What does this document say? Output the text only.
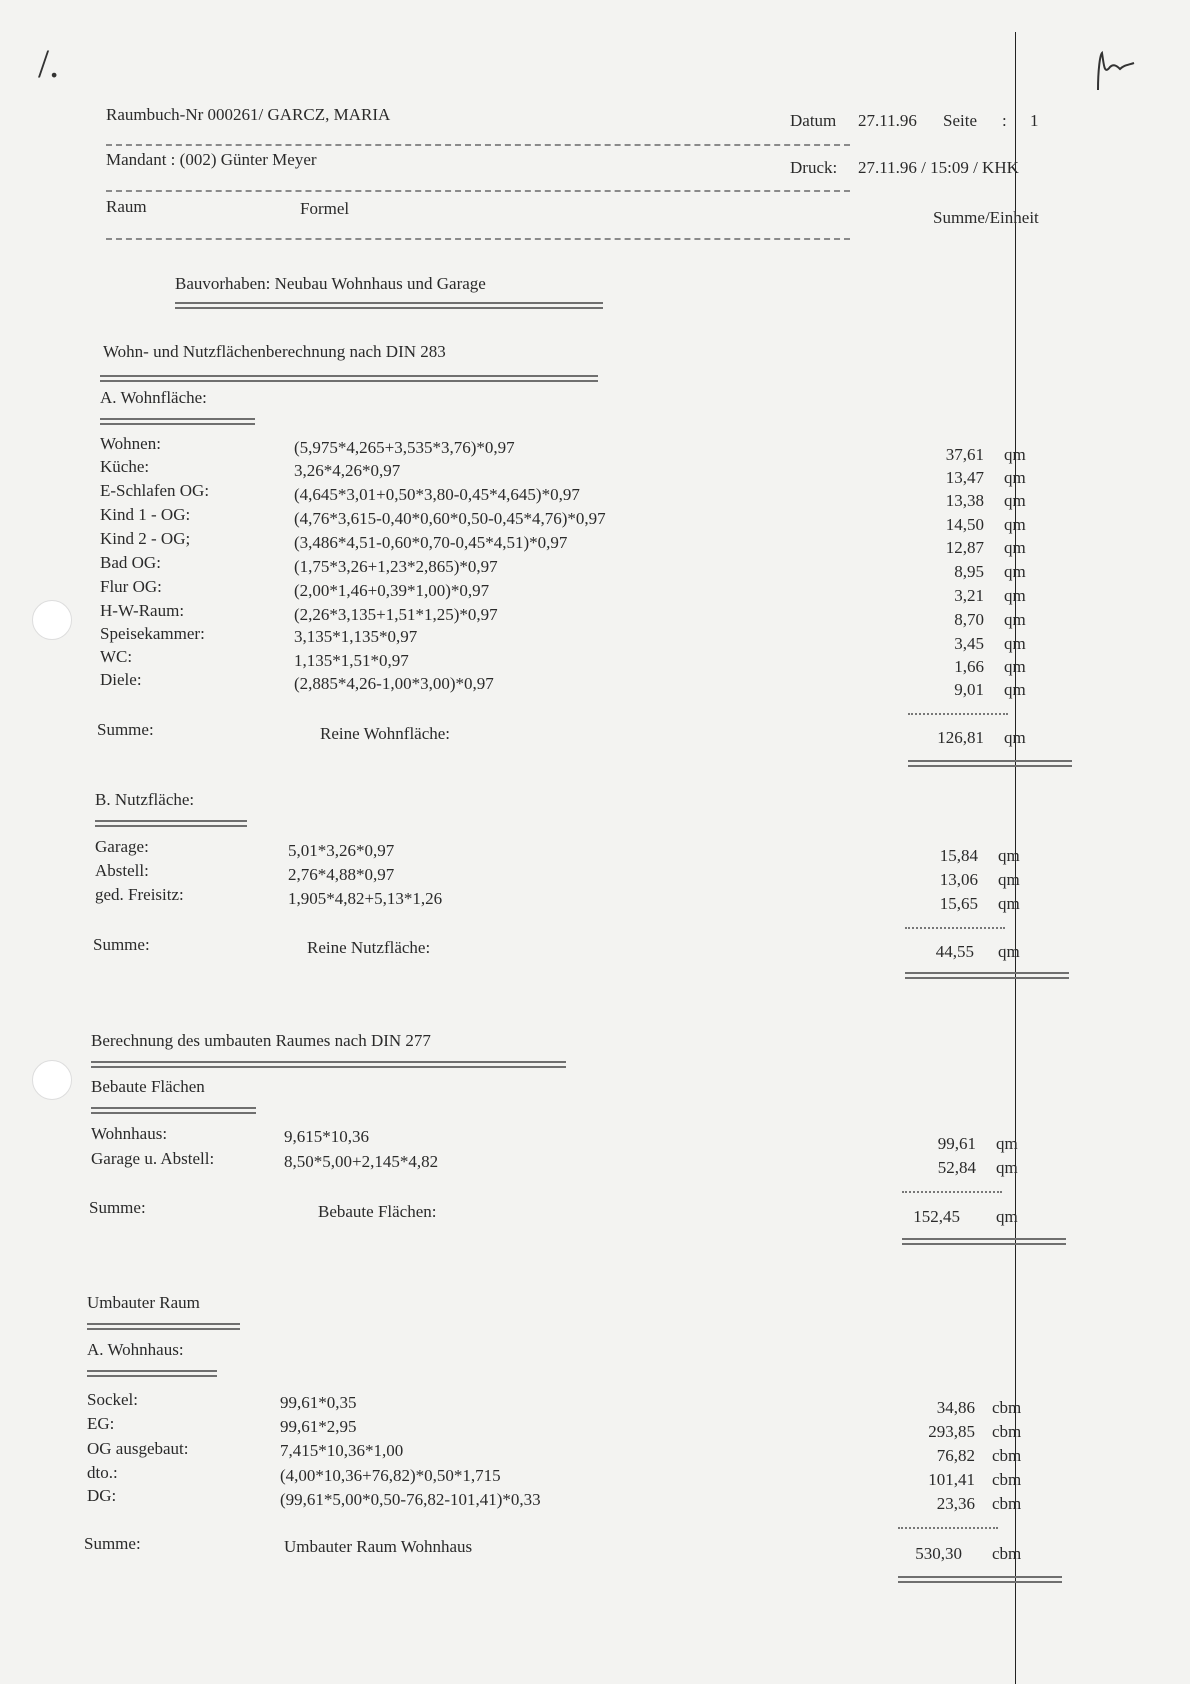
/.
Raumbuch-Nr 000261/ GARCZ, MARIA	Datum 27.11.96 Seite : 1
Mandant : (002) Günter Meyer	Druck: 27.11.96 / 15:09 / KHK
Raum	Formel	Summe/Einheit
Bauvorhaben: Neubau Wohnhaus und Garage
Wohn- und Nutzflächenberechnung nach DIN 283
A. Wohnfläche:
Wohnen:	(5,975*4,265+3,535*3,76)*0,97	37,61 qm
Küche:	3,26*4,26*0,97	13,47 qm
E-Schlafen OG:	(4,645*3,01+0,50*3,80-0,45*4,645)*0,97	13,38 qm
Kind 1 - OG:	(4,76*3,615-0,40*0,60*0,50-0,45*4,76)*0,97	14,50 qm
Kind 2 - OG;	(3,486*4,51-0,60*0,70-0,45*4,51)*0,97	12,87 qm
Bad OG:	(1,75*3,26+1,23*2,865)*0,97	8,95 qm
Flur OG:	(2,00*1,46+0,39*1,00)*0,97	3,21 qm
H-W-Raum:	(2,26*3,135+1,51*1,25)*0,97	8,70 qm
Speisekammer:	3,135*1,135*0,97	3,45 qm
WC:	1,135*1,51*0,97	1,66 qm
Diele:	(2,885*4,26-1,00*3,00)*0,97	9,01 qm
Summe:	Reine Wohnfläche:	126,81 qm
B. Nutzfläche:
Garage:	5,01*3,26*0,97	15,84 qm
Abstell:	2,76*4,88*0,97	13,06 qm
ged. Freisitz:	1,905*4,82+5,13*1,26	15,65 qm
Summe:	Reine Nutzfläche:	44,55 qm
Berechnung des umbauten Raumes nach DIN 277
Bebaute Flächen
Wohnhaus:	9,615*10,36	99,61 qm
Garage u. Abstell:	8,50*5,00+2,145*4,82	52,84 qm
Summe:	Bebaute Flächen:	152,45 qm
Umbauter Raum
A. Wohnhaus:
Sockel:	99,61*0,35	34,86 cbm
EG:	99,61*2,95	293,85 cbm
OG ausgebaut:	7,415*10,36*1,00	76,82 cbm
dto.:	(4,00*10,36+76,82)*0,50*1,715	101,41 cbm
DG:	(99,61*5,00*0,50-76,82-101,41)*0,33	23,36 cbm
Summe:	Umbauter Raum Wohnhaus	530,30 cbm
